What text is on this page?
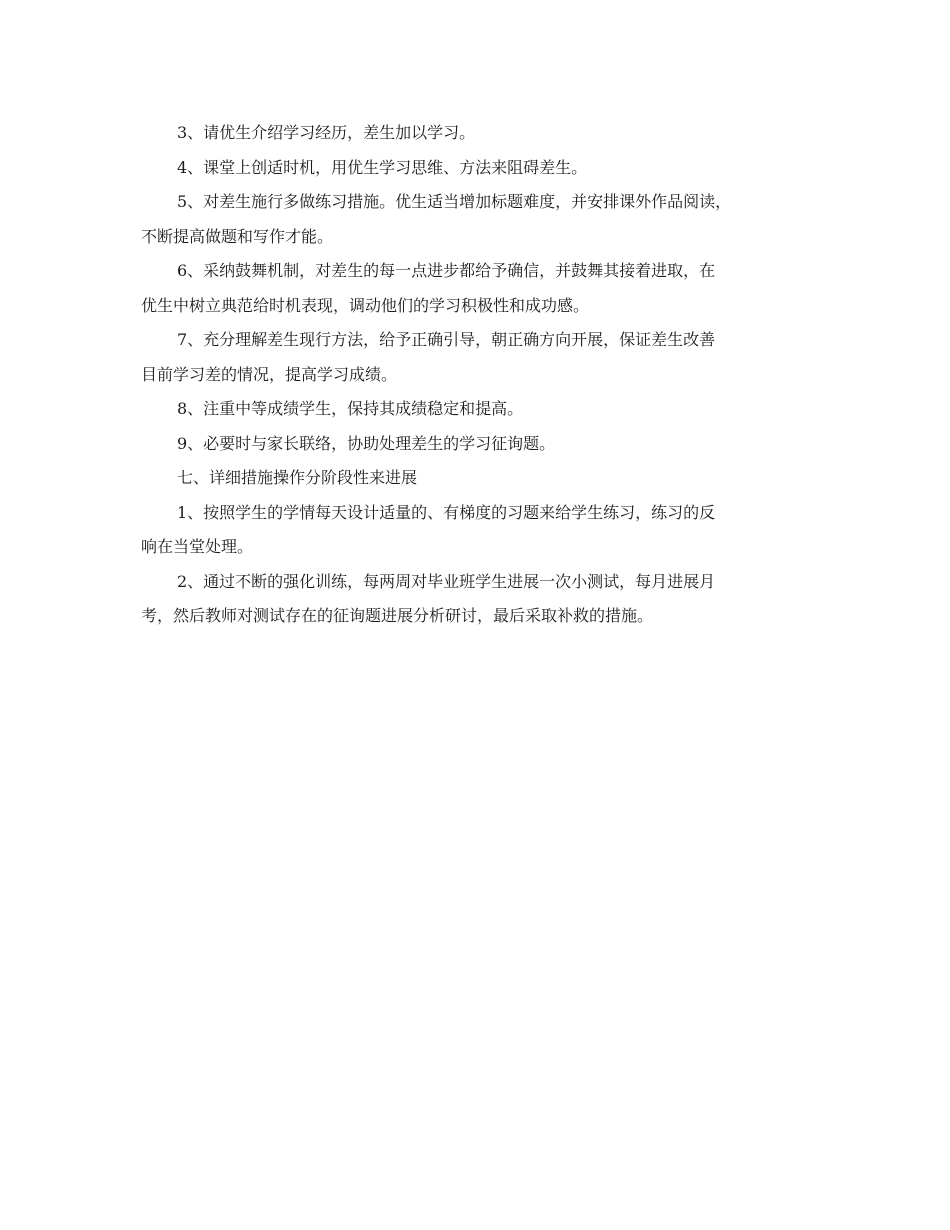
3、请优生介绍学习经历，差生加以学习。
4、课堂上创适时机，用优生学习思维、方法来阻碍差生。
5、对差生施行多做练习措施。优生适当增加标题难度，并安排课外作品阅读，
不断提高做题和写作才能。
6、采纳鼓舞机制，对差生的每一点进步都给予确信，并鼓舞其接着进取，在
优生中树立典范给时机表现，调动他们的学习积极性和成功感。
7、充分理解差生现行方法，给予正确引导，朝正确方向开展，保证差生改善
目前学习差的情况，提高学习成绩。
8、注重中等成绩学生，保持其成绩稳定和提高。
9、必要时与家长联络，协助处理差生的学习征询题。
七、详细措施操作分阶段性来进展
1、按照学生的学情每天设计适量的、有梯度的习题来给学生练习，练习的反
响在当堂处理。
2、通过不断的强化训练，每两周对毕业班学生进展一次小测试，每月进展月
考，然后教师对测试存在的征询题进展分析研讨，最后采取补救的措施。
